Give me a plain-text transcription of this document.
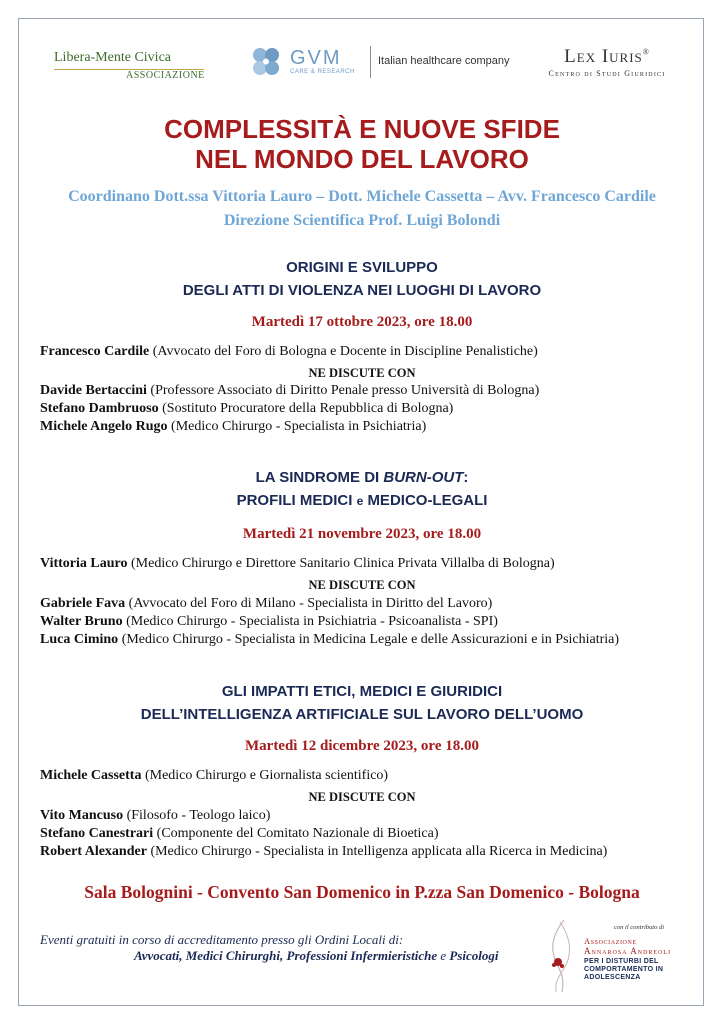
Libera-Mente Civica
ASSOCIAZIONE
GVM
CARE & RESEARCH
Italian healthcare company	Lex Iuris®
Centro di Studi Giuridici
COMPLESSITÀ E NUOVE SFIDE
NEL MONDO DEL LAVORO
Coordinano Dott.ssa Vittoria Lauro – Dott. Michele Cassetta – Avv. Francesco Cardile
Direzione Scientifica Prof. Luigi Bolondi
ORIGINI E SVILUPPO
DEGLI ATTI DI VIOLENZA NEI LUOGHI DI LAVORO
Martedì 17 ottobre 2023, ore 18.00
Francesco Cardile (Avvocato del Foro di Bologna e Docente in Discipline Penalistiche)
NE DISCUTE CON
Davide Bertaccini (Professore Associato di Diritto Penale presso Università di Bologna)
Stefano Dambruoso (Sostituto Procuratore della Repubblica di Bologna)
Michele Angelo Rugo (Medico Chirurgo - Specialista in Psichiatria)
LA SINDROME DI BURN-OUT:
PROFILI MEDICI e MEDICO-LEGALI
Martedì 21 novembre 2023, ore 18.00
Vittoria Lauro (Medico Chirurgo e Direttore Sanitario Clinica Privata Villalba di Bologna)
NE DISCUTE CON
Gabriele Fava (Avvocato del Foro di Milano - Specialista in Diritto del Lavoro)
Walter Bruno (Medico Chirurgo - Specialista in Psichiatria - Psicoanalista - SPI)
Luca Cimino (Medico Chirurgo - Specialista in Medicina Legale e delle Assicurazioni e in Psichiatria)
GLI IMPATTI ETICI, MEDICI E GIURIDICI
DELL’INTELLIGENZA ARTIFICIALE SUL LAVORO DELL’UOMO
Martedì 12 dicembre 2023, ore 18.00
Michele Cassetta (Medico Chirurgo e Giornalista scientifico)
NE DISCUTE CON
Vito Mancuso (Filosofo - Teologo laico)
Stefano Canestrari (Componente del Comitato Nazionale di Bioetica)
Robert Alexander (Medico Chirurgo - Specialista in Intelligenza applicata alla Ricerca in Medicina)
Sala Bolognini - Convento San Domenico in P.zza San Domenico - Bologna
Eventi gratuiti in corso di accreditamento presso gli Ordini Locali di:
Avvocati, Medici Chirurghi, Professioni Infermieristiche e Psicologi
con il contributo di
Associazione
Annarosa Andreoli
PER I DISTURBI DEL COMPORTAMENTO IN ADOLESCENZA
